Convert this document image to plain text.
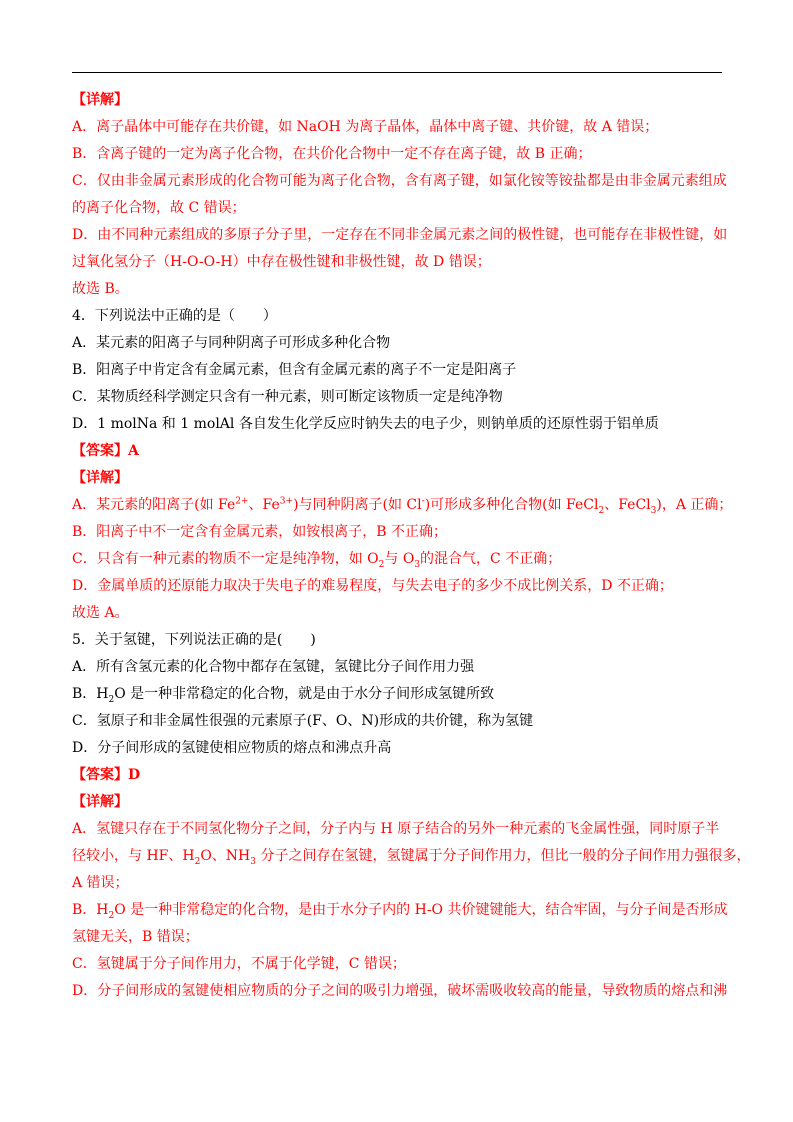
【详解】
A．离子晶体中可能存在共价键，如 NaOH 为离子晶体，晶体中离子键、共价键，故 A 错误；
B．含离子键的一定为离子化合物，在共价化合物中一定不存在离子键，故 B 正确；
C．仅由非金属元素形成的化合物可能为离子化合物，含有离子键，如氯化铵等铵盐都是由非金属元素组成
的离子化合物，故 C 错误；
D．由不同种元素组成的多原子分子里，一定存在不同非金属元素之间的极性键，也可能存在非极性键，如
过氧化氢分子（H-O-O-H）中存在极性键和非极性键，故 D 错误；
故选 B。
4．下列说法中正确的是（　　）
A．某元素的阳离子与同种阴离子可形成多种化合物
B．阳离子中肯定含有金属元素，但含有金属元素的离子不一定是阳离子
C．某物质经科学测定只含有一种元素，则可断定该物质一定是纯净物
D．1 molNa 和 1 molAl 各自发生化学反应时钠失去的电子少，则钠单质的还原性弱于铝单质
【答案】A
【详解】
A．某元素的阳离子(如 $Fe^{2+}$、$Fe^{3+}$)与同种阴离子(如 Cl-)可形成多种化合物(如 FeCl$_2$、FeCl$_3$)，A 正确；
B．阳离子中不一定含有金属元素，如铵根离子，B 不正确；
C．只含有一种元素的物质不一定是纯净物，如 $O_2$与 $O_3$的混合气，C 不正确；
D．金属单质的还原能力取决于失电子的难易程度，与失去电子的多少不成比例关系，D 不正确；
故选 A。
5．关于氢键，下列说法正确的是(　　)
A．所有含氢元素的化合物中都存在氢键，氢键比分子间作用力强
B．$H_2O$ 是一种非常稳定的化合物，就是由于水分子间形成氢键所致
C．氢原子和非金属性很强的元素原子(F、O、N)形成的共价键，称为氢键
D．分子间形成的氢键使相应物质的熔点和沸点升高
【答案】D
【详解】
A．氢键只存在于不同氢化物分子之间，分子内与 H 原子结合的另外一种元素的飞金属性强，同时原子半
径较小，与 HF、$H_2O$、$NH_3$ 分子之间存在氢键，氢键属于分子间作用力，但比一般的分子间作用力强很多，
A 错误；
B．$H_2O$ 是一种非常稳定的化合物，是由于水分子内的 H-O 共价键键能大，结合牢固，与分子间是否形成
氢键无关，B 错误；
C．氢键属于分子间作用力，不属于化学键，C 错误；
D．分子间形成的氢键使相应物质的分子之间的吸引力增强，破坏需吸收较高的能量，导致物质的熔点和沸
